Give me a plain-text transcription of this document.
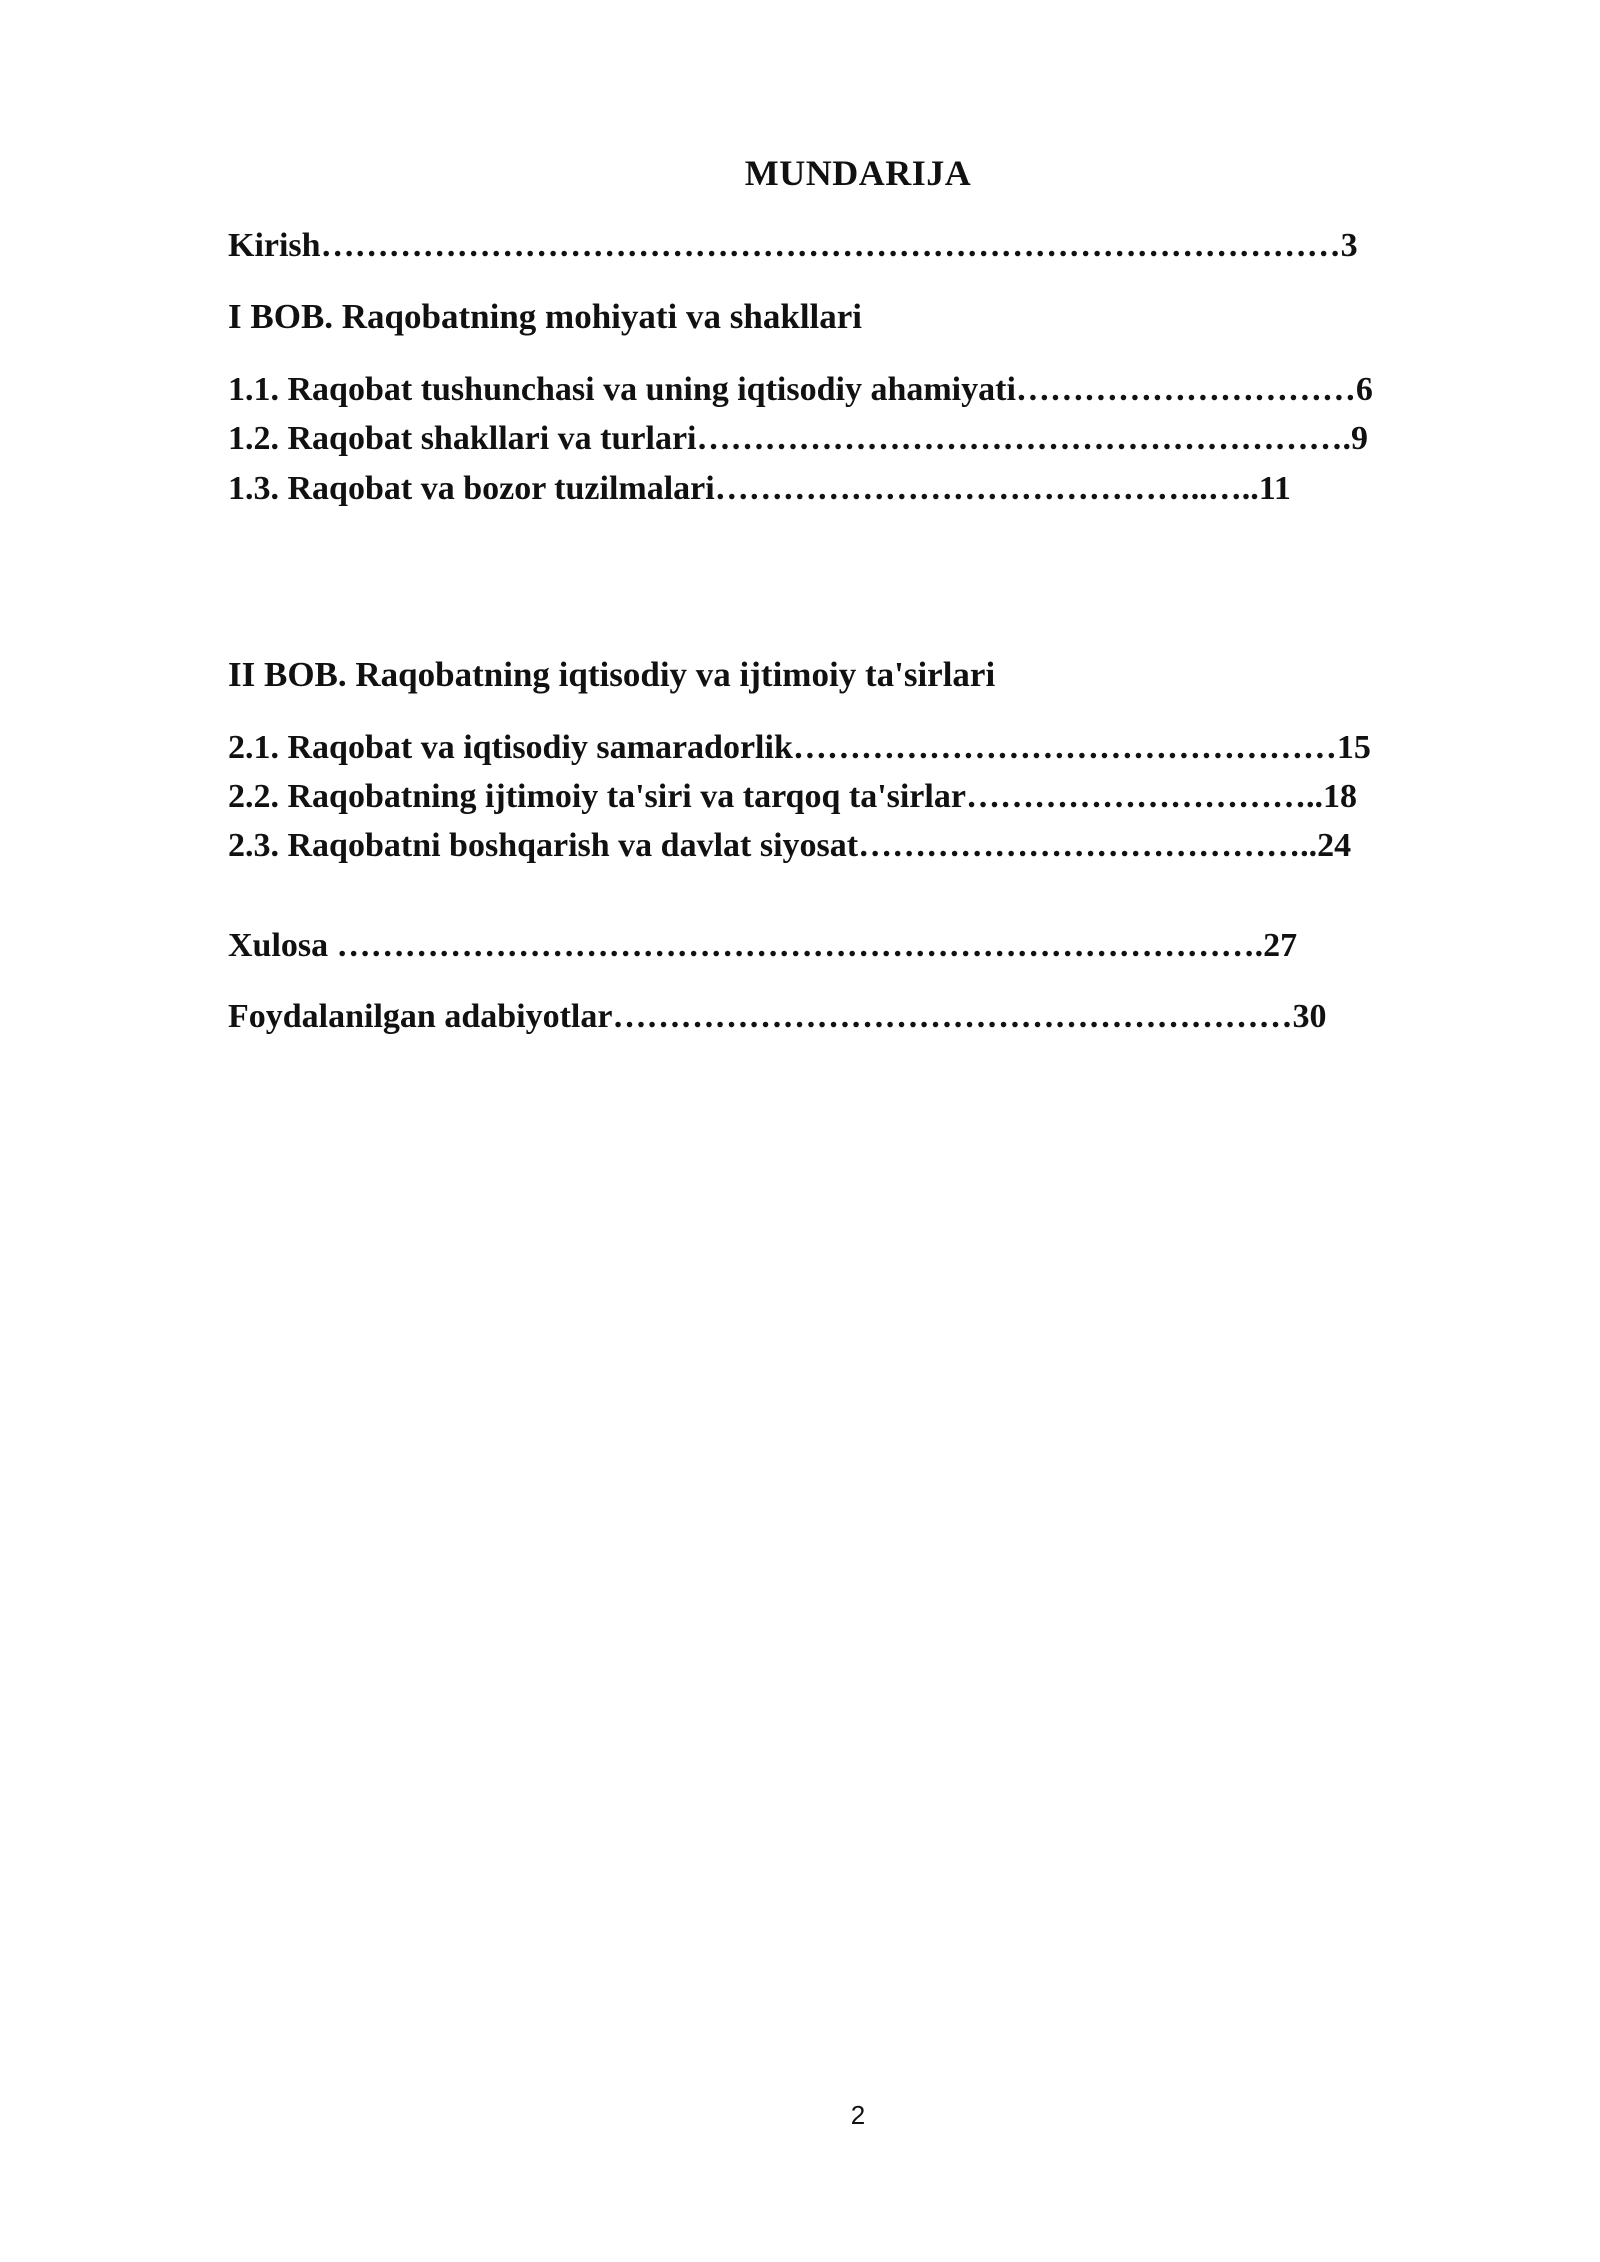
MUNDARIJA
Kirish………………………………………………………………………………3
I BOB. Raqobatning mohiyati va shakllari
1.1. Raqobat tushunchasi va uning iqtisodiy ahamiyati…………………………6
1.2. Raqobat shakllari va turlari………………………………………………….9
1.3. Raqobat va bozor tuzilmalari……………………………………..…..11
II BOB. Raqobatning iqtisodiy va ijtimoiy ta'sirlari
2.1. Raqobat va iqtisodiy samaradorlik…………………………………………15
2.2. Raqobatning ijtimoiy ta'siri va tarqoq ta'sirlar…………………………..18
2.3. Raqobatni boshqarish va davlat siyosat…………………………………..24
Xulosa ……………………………………………………………………….27
Foydalanilgan adabiyotlar……………………………………………………30
2
